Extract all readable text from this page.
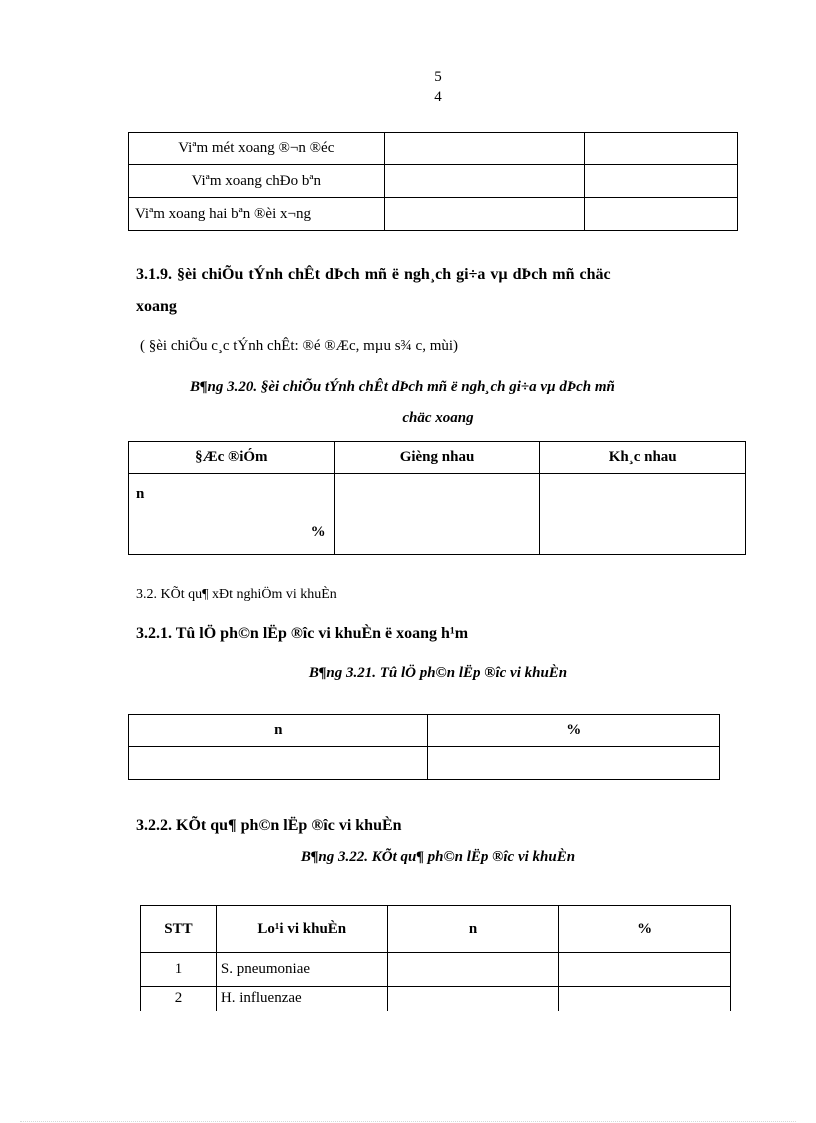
5
4
Viªm mét xoang ®¬n ®éc		
Viªm xoang chÐo bªn		
Viªm xoang hai bªn ®èi x¬ng		
3.1.9. §èi chiÕu tÝnh chÊt dÞch mñ ë ngh¸ch gi÷a vµ dÞch mñ chäc
xoang
( §èi chiÕu c¸c tÝnh chÊt: ®é ®Æc, mµu s¾ c, mùi)
B¶ng 3.20. §èi chiÕu tÝnh chÊt dÞch mñ ë ngh¸ch gi÷a vµ dÞch mñ
chäc xoang
§Æc ®iÓm	Gièng nhau	Kh¸c nhau

n
%		

3.2. KÕt qu¶ xÐt nghiÖm vi khuÈn
3.2.1. Tû lÖ ph©n lËp ®îc vi khuÈn ë xoang h¹m
B¶ng 3.21. Tû lÖ ph©n lËp ®îc vi khuÈn
n	%

3.2.2. KÕt qu¶ ph©n lËp ®îc vi khuÈn
B¶ng 3.22. KÕt qu¶ ph©n lËp ®îc vi khuÈn
STT	Lo¹i vi khuÈn	n	%
1	S. pneumoniae		
2	H. influenzae		
